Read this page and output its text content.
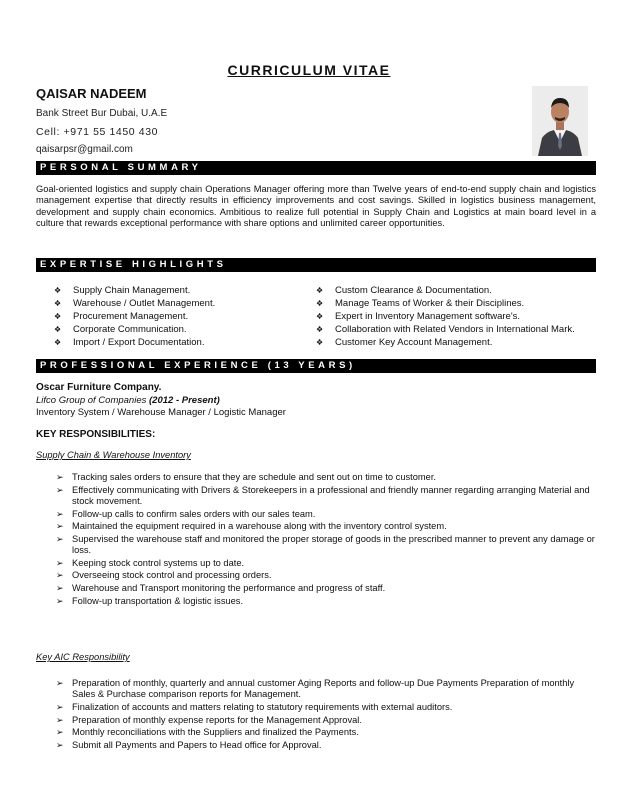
CURRICULUM VITAE
QAISAR NADEEM
Bank Street Bur Dubai, U.A.E
Cell: +971 55 1450 430
qaisarpsr@gmail.com
PERSONAL SUMMARY
Goal-oriented logistics and supply chain Operations Manager offering more than Twelve years of end-to-end supply chain and logistics management expertise that directly results in efficiency improvements and cost savings. Skilled in logistics business management, development and supply chain economics. Ambitious to realize full potential in Supply Chain and Logistics at main board level in a culture that rewards exceptional performance with share options and unlimited career opportunities.
EXPERTISE HIGHLIGHTS
❖ Supply Chain Management.
❖ Warehouse / Outlet Management.
❖ Procurement Management.
❖ Corporate Communication.
❖ Import / Export Documentation.
❖ Custom Clearance & Documentation.
❖ Manage Teams of Worker & their Disciplines.
❖ Expert in Inventory Management software's.
❖ Collaboration with Related Vendors in International Mark.
❖ Customer Key Account Management.
PROFESSIONAL EXPERIENCE (13 YEARS)
Oscar Furniture Company.
Lifco Group of Companies (2012 - Present)
Inventory System / Warehouse Manager / Logistic Manager
KEY RESPONSIBILITIES:
Supply Chain & Warehouse Inventory
➢ Tracking sales orders to ensure that they are schedule and sent out on time to customer.
➢ Effectively communicating with Drivers & Storekeepers in a professional and friendly manner regarding arranging Material and stock movement.
➢ Follow-up calls to confirm sales orders with our sales team.
➢ Maintained the equipment required in a warehouse along with the inventory control system.
➢ Supervised the warehouse staff and monitored the proper storage of goods in the prescribed manner to prevent any damage or loss.
➢ Keeping stock control systems up to date.
➢ Overseeing stock control and processing orders.
➢ Warehouse and Transport monitoring the performance and progress of staff.
➢ Follow-up transportation & logistic issues.
Key AIC Responsibility
➢ Preparation of monthly, quarterly and annual customer Aging Reports and follow-up Due Payments Preparation of monthly Sales & Purchase comparison reports for Management.
➢ Finalization of accounts and matters relating to statutory requirements with external auditors.
➢ Preparation of monthly expense reports for the Management Approval.
➢ Monthly reconciliations with the Suppliers and finalized the Payments.
➢ Submit all Payments and Papers to Head office for Approval.
